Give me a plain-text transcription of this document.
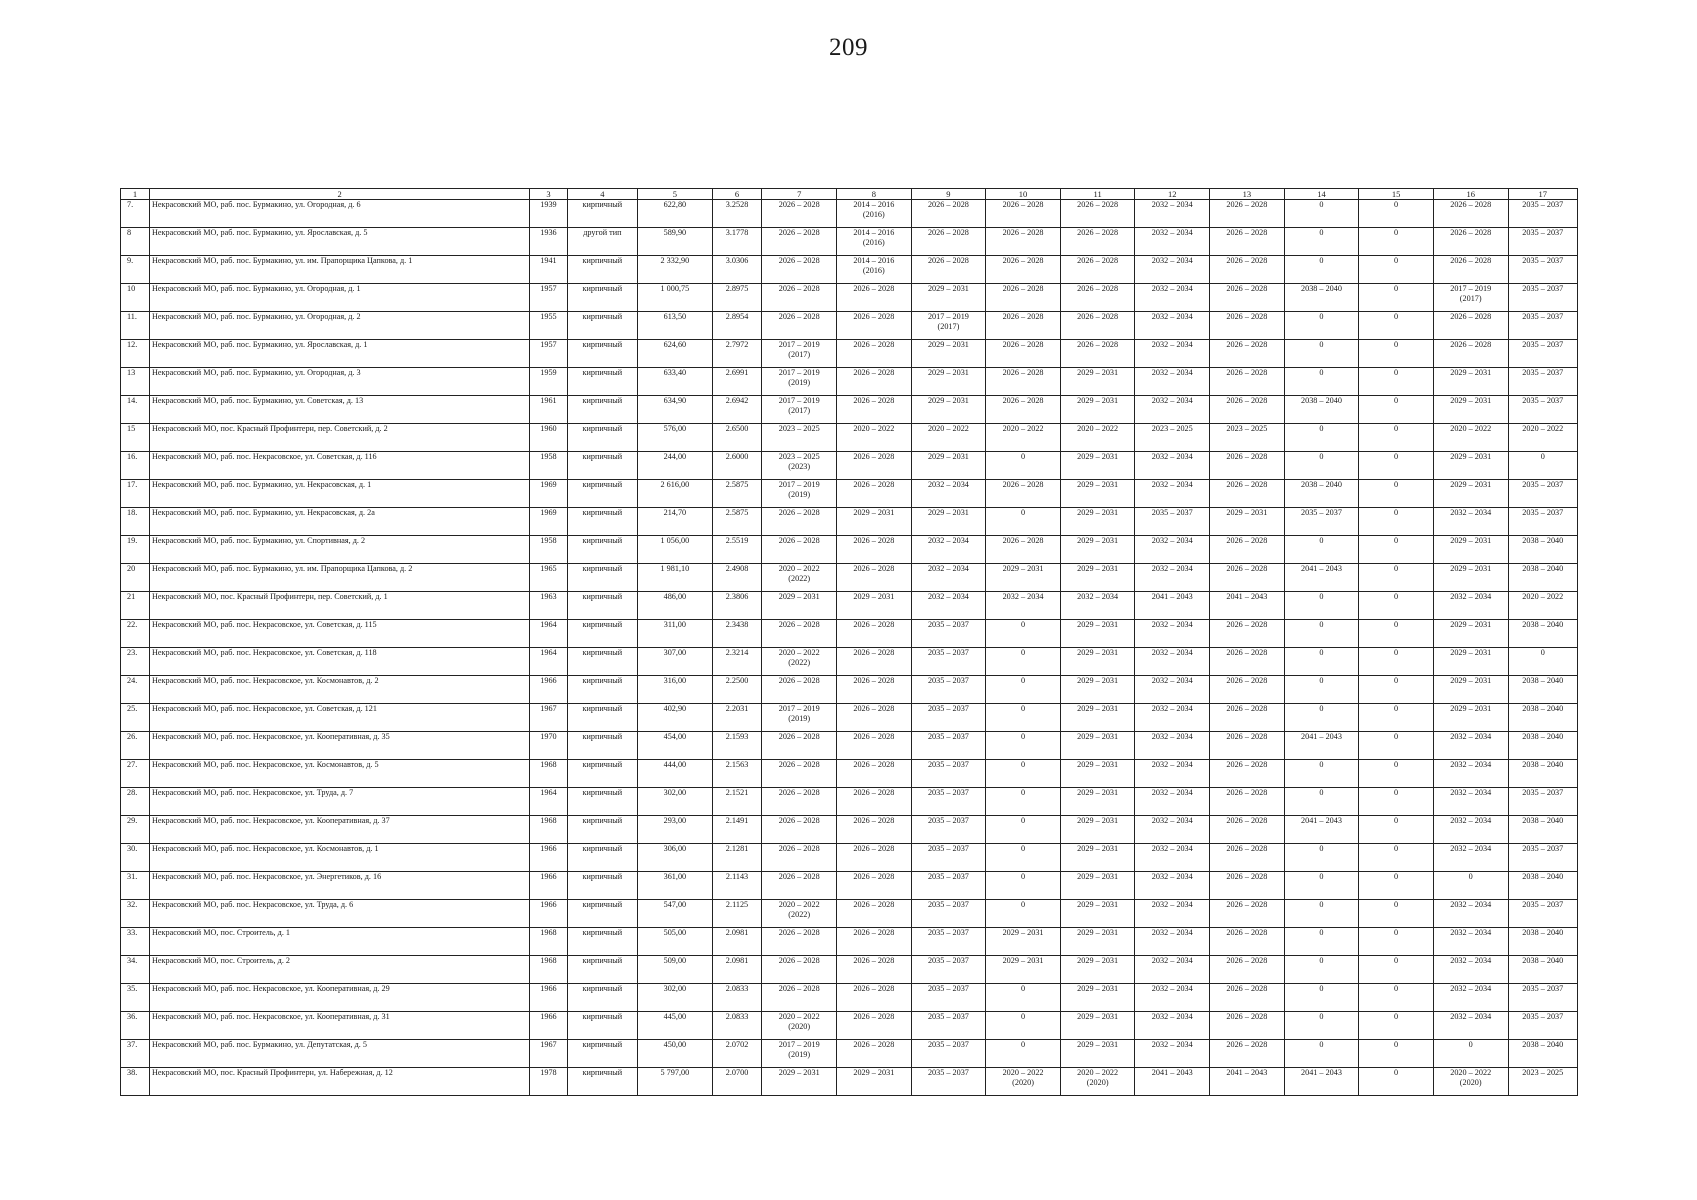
209
1	2	3	4	5	6	7	8	9	10	11	12	13	14	15	16	17

7.	Некрасовский МО, раб. пос. Бурмакино, ул. Огородная, д. 6	1939	кирпичный	622,80	3.2528	2026 – 2028	2014 – 2016
(2016)	2026 – 2028	2026 – 2028	2026 – 2028	2032 – 2034	2026 – 2028	0	0	2026 – 2028	2035 – 2037

8	Некрасовский МО, раб. пос. Бурмакино, ул. Ярославская, д. 5	1936	другой тип	589,90	3.1778	2026 – 2028	2014 – 2016
(2016)	2026 – 2028	2026 – 2028	2026 – 2028	2032 – 2034	2026 – 2028	0	0	2026 – 2028	2035 – 2037

9.	Некрасовский МО, раб. пос. Бурмакино, ул. им. Прапорщика Цапкова, д. 1	1941	кирпичный	2 332,90	3.0306	2026 – 2028	2014 – 2016
(2016)	2026 – 2028	2026 – 2028	2026 – 2028	2032 – 2034	2026 – 2028	0	0	2026 – 2028	2035 – 2037

10	Некрасовский МО, раб. пос. Бурмакино, ул. Огородная, д. 1	1957	кирпичный	1 000,75	2.8975	2026 – 2028	2026 – 2028	2029 – 2031	2026 – 2028	2026 – 2028	2032 – 2034	2026 – 2028	2038 – 2040	0	2017 – 2019
(2017)	2035 – 2037

11.	Некрасовский МО, раб. пос. Бурмакино, ул. Огородная, д. 2	1955	кирпичный	613,50	2.8954	2026 – 2028	2026 – 2028	2017 – 2019
(2017)	2026 – 2028	2026 – 2028	2032 – 2034	2026 – 2028	0	0	2026 – 2028	2035 – 2037

12.	Некрасовский МО, раб. пос. Бурмакино, ул. Ярославская, д. 1	1957	кирпичный	624,60	2.7972	2017 – 2019
(2017)	2026 – 2028	2029 – 2031	2026 – 2028	2026 – 2028	2032 – 2034	2026 – 2028	0	0	2026 – 2028	2035 – 2037

13	Некрасовский МО, раб. пос. Бурмакино, ул. Огородная, д. 3	1959	кирпичный	633,40	2.6991	2017 – 2019
(2019)	2026 – 2028	2029 – 2031	2026 – 2028	2029 – 2031	2032 – 2034	2026 – 2028	0	0	2029 – 2031	2035 – 2037

14.	Некрасовский МО, раб. пос. Бурмакино, ул. Советская, д. 13	1961	кирпичный	634,90	2.6942	2017 – 2019
(2017)	2026 – 2028	2029 – 2031	2026 – 2028	2029 – 2031	2032 – 2034	2026 – 2028	2038 – 2040	0	2029 – 2031	2035 – 2037

15	Некрасовский МО, пос. Красный Профинтерн, пер. Советский, д. 2	1960	кирпичный	576,00	2.6500	2023 – 2025	2020 – 2022	2020 – 2022	2020 – 2022	2020 – 2022	2023 – 2025	2023 – 2025	0	0	2020 – 2022	2020 – 2022

16.	Некрасовский МО, раб. пос. Некрасовское, ул. Советская, д. 116	1958	кирпичный	244,00	2.6000	2023 – 2025
(2023)	2026 – 2028	2029 – 2031	0	2029 – 2031	2032 – 2034	2026 – 2028	0	0	2029 – 2031	0

17.	Некрасовский МО, раб. пос. Бурмакино, ул. Некрасовская, д. 1	1969	кирпичный	2 616,00	2.5875	2017 – 2019
(2019)	2026 – 2028	2032 – 2034	2026 – 2028	2029 – 2031	2032 – 2034	2026 – 2028	2038 – 2040	0	2029 – 2031	2035 – 2037

18.	Некрасовский МО, раб. пос. Бурмакино, ул. Некрасовская, д. 2а	1969	кирпичный	214,70	2.5875	2026 – 2028	2029 – 2031	2029 – 2031	0	2029 – 2031	2035 – 2037	2029 – 2031	2035 – 2037	0	2032 – 2034	2035 – 2037

19.	Некрасовский МО, раб. пос. Бурмакино, ул. Спортивная, д. 2	1958	кирпичный	1 056,00	2.5519	2026 – 2028	2026 – 2028	2032 – 2034	2026 – 2028	2029 – 2031	2032 – 2034	2026 – 2028	0	0	2029 – 2031	2038 – 2040

20	Некрасовский МО, раб. пос. Бурмакино, ул. им. Прапорщика Цапкова, д. 2	1965	кирпичный	1 981,10	2.4908	2020 – 2022
(2022)	2026 – 2028	2032 – 2034	2029 – 2031	2029 – 2031	2032 – 2034	2026 – 2028	2041 – 2043	0	2029 – 2031	2038 – 2040

21	Некрасовский МО, пос. Красный Профинтерн, пер. Советский, д. 1	1963	кирпичный	486,00	2.3806	2029 – 2031	2029 – 2031	2032 – 2034	2032 – 2034	2032 – 2034	2041 – 2043	2041 – 2043	0	0	2032 – 2034	2020 – 2022

22.	Некрасовский МО, раб. пос. Некрасовское, ул. Советская, д. 115	1964	кирпичный	311,00	2.3438	2026 – 2028	2026 – 2028	2035 – 2037	0	2029 – 2031	2032 – 2034	2026 – 2028	0	0	2029 – 2031	2038 – 2040

23.	Некрасовский МО, раб. пос. Некрасовское, ул. Советская, д. 118	1964	кирпичный	307,00	2.3214	2020 – 2022
(2022)	2026 – 2028	2035 – 2037	0	2029 – 2031	2032 – 2034	2026 – 2028	0	0	2029 – 2031	0

24.	Некрасовский МО, раб. пос. Некрасовское, ул. Космонавтов, д. 2	1966	кирпичный	316,00	2.2500	2026 – 2028	2026 – 2028	2035 – 2037	0	2029 – 2031	2032 – 2034	2026 – 2028	0	0	2029 – 2031	2038 – 2040

25.	Некрасовский МО, раб. пос. Некрасовское, ул. Советская, д. 121	1967	кирпичный	402,90	2.2031	2017 – 2019
(2019)	2026 – 2028	2035 – 2037	0	2029 – 2031	2032 – 2034	2026 – 2028	0	0	2029 – 2031	2038 – 2040

26.	Некрасовский МО, раб. пос. Некрасовское, ул. Кооперативная, д. 35	1970	кирпичный	454,00	2.1593	2026 – 2028	2026 – 2028	2035 – 2037	0	2029 – 2031	2032 – 2034	2026 – 2028	2041 – 2043	0	2032 – 2034	2038 – 2040

27.	Некрасовский МО, раб. пос. Некрасовское, ул. Космонавтов, д. 5	1968	кирпичный	444,00	2.1563	2026 – 2028	2026 – 2028	2035 – 2037	0	2029 – 2031	2032 – 2034	2026 – 2028	0	0	2032 – 2034	2038 – 2040

28.	Некрасовский МО, раб. пос. Некрасовское, ул. Труда, д. 7	1964	кирпичный	302,00	2.1521	2026 – 2028	2026 – 2028	2035 – 2037	0	2029 – 2031	2032 – 2034	2026 – 2028	0	0	2032 – 2034	2035 – 2037

29.	Некрасовский МО, раб. пос. Некрасовское, ул. Кооперативная, д. 37	1968	кирпичный	293,00	2.1491	2026 – 2028	2026 – 2028	2035 – 2037	0	2029 – 2031	2032 – 2034	2026 – 2028	2041 – 2043	0	2032 – 2034	2038 – 2040

30.	Некрасовский МО, раб. пос. Некрасовское, ул. Космонавтов, д. 1	1966	кирпичный	306,00	2.1281	2026 – 2028	2026 – 2028	2035 – 2037	0	2029 – 2031	2032 – 2034	2026 – 2028	0	0	2032 – 2034	2035 – 2037

31.	Некрасовский МО, раб. пос. Некрасовское, ул. Энергетиков, д. 16	1966	кирпичный	361,00	2.1143	2026 – 2028	2026 – 2028	2035 – 2037	0	2029 – 2031	2032 – 2034	2026 – 2028	0	0	0	2038 – 2040

32.	Некрасовский МО, раб. пос. Некрасовское, ул. Труда, д. 6	1966	кирпичный	547,00	2.1125	2020 – 2022
(2022)	2026 – 2028	2035 – 2037	0	2029 – 2031	2032 – 2034	2026 – 2028	0	0	2032 – 2034	2035 – 2037

33.	Некрасовский МО, пос. Строитель, д. 1	1968	кирпичный	505,00	2.0981	2026 – 2028	2026 – 2028	2035 – 2037	2029 – 2031	2029 – 2031	2032 – 2034	2026 – 2028	0	0	2032 – 2034	2038 – 2040

34.	Некрасовский МО, пос. Строитель, д. 2	1968	кирпичный	509,00	2.0981	2026 – 2028	2026 – 2028	2035 – 2037	2029 – 2031	2029 – 2031	2032 – 2034	2026 – 2028	0	0	2032 – 2034	2038 – 2040

35.	Некрасовский МО, раб. пос. Некрасовское, ул. Кооперативная, д. 29	1966	кирпичный	302,00	2.0833	2026 – 2028	2026 – 2028	2035 – 2037	0	2029 – 2031	2032 – 2034	2026 – 2028	0	0	2032 – 2034	2035 – 2037

36.	Некрасовский МО, раб. пос. Некрасовское, ул. Кооперативная, д. 31	1966	кирпичный	445,00	2.0833	2020 – 2022
(2020)	2026 – 2028	2035 – 2037	0	2029 – 2031	2032 – 2034	2026 – 2028	0	0	2032 – 2034	2035 – 2037

37.	Некрасовский МО, раб. пос. Бурмакино, ул. Депутатская, д. 5	1967	кирпичный	450,00	2.0702	2017 – 2019
(2019)	2026 – 2028	2035 – 2037	0	2029 – 2031	2032 – 2034	2026 – 2028	0	0	0	2038 – 2040

38.	Некрасовский МО, пос. Красный Профинтерн, ул. Набережная, д. 12	1978	кирпичный	5 797,00	2.0700	2029 – 2031	2029 – 2031	2035 – 2037	2020 – 2022
(2020)	2020 – 2022
(2020)	2041 – 2043	2041 – 2043	2041 – 2043	0	2020 – 2022
(2020)	2023 – 2025
